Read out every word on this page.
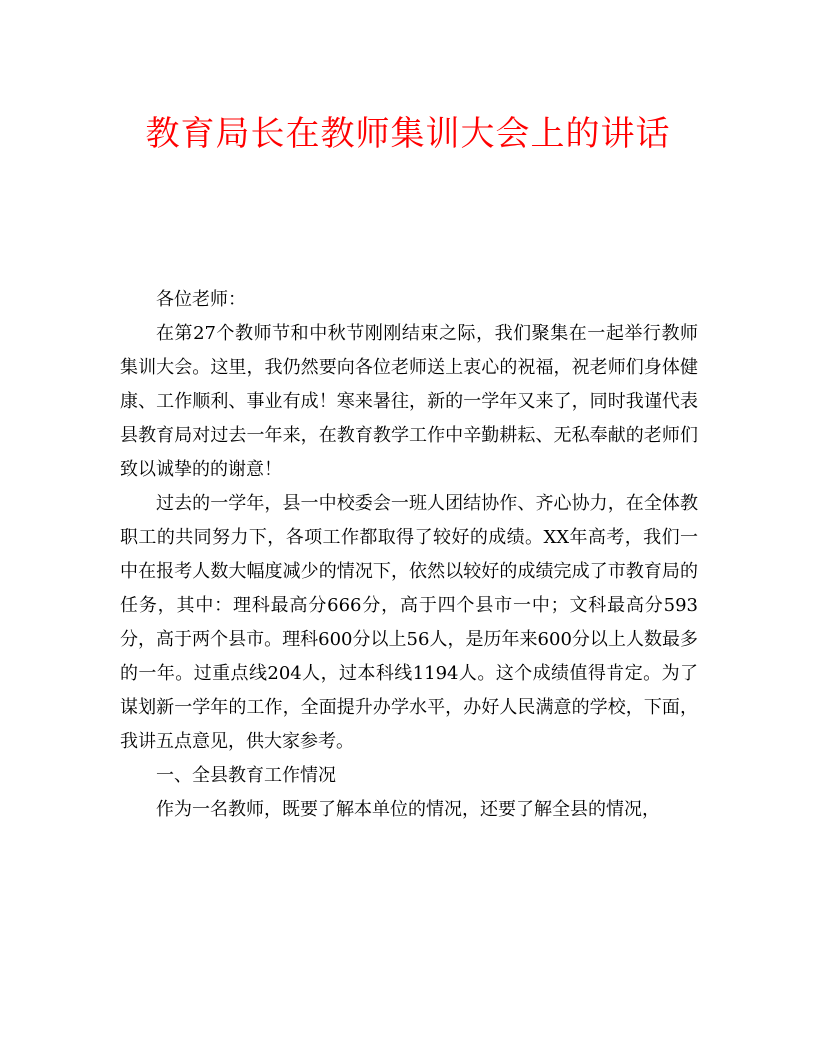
教育局长在教师集训大会上的讲话

各位老师：

在第27个教师节和中秋节刚刚结束之际，我们聚集在一起举行教师集训大会。这里，我仍然要向各位老师送上衷心的祝福，祝老师们身体健康、工作顺利、事业有成！寒来暑往，新的一学年又来了，同时我谨代表县教育局对过去一年来，在教育教学工作中辛勤耕耘、无私奉献的老师们致以诚挚的的谢意！

过去的一学年，县一中校委会一班人团结协作、齐心协力，在全体教职工的共同努力下，各项工作都取得了较好的成绩。XX年高考，我们一中在报考人数大幅度减少的情况下，依然以较好的成绩完成了市教育局的任务，其中：理科最高分666分，高于四个县市一中；文科最高分593分，高于两个县市。理科600分以上56人，是历年来600分以上人数最多的一年。过重点线204人，过本科线1194人。这个成绩值得肯定。为了谋划新一学年的工作，全面提升办学水平，办好人民满意的学校，下面，我讲五点意见，供大家参考。

一、全县教育工作情况

作为一名教师，既要了解本单位的情况，还要了解全县的情况，
